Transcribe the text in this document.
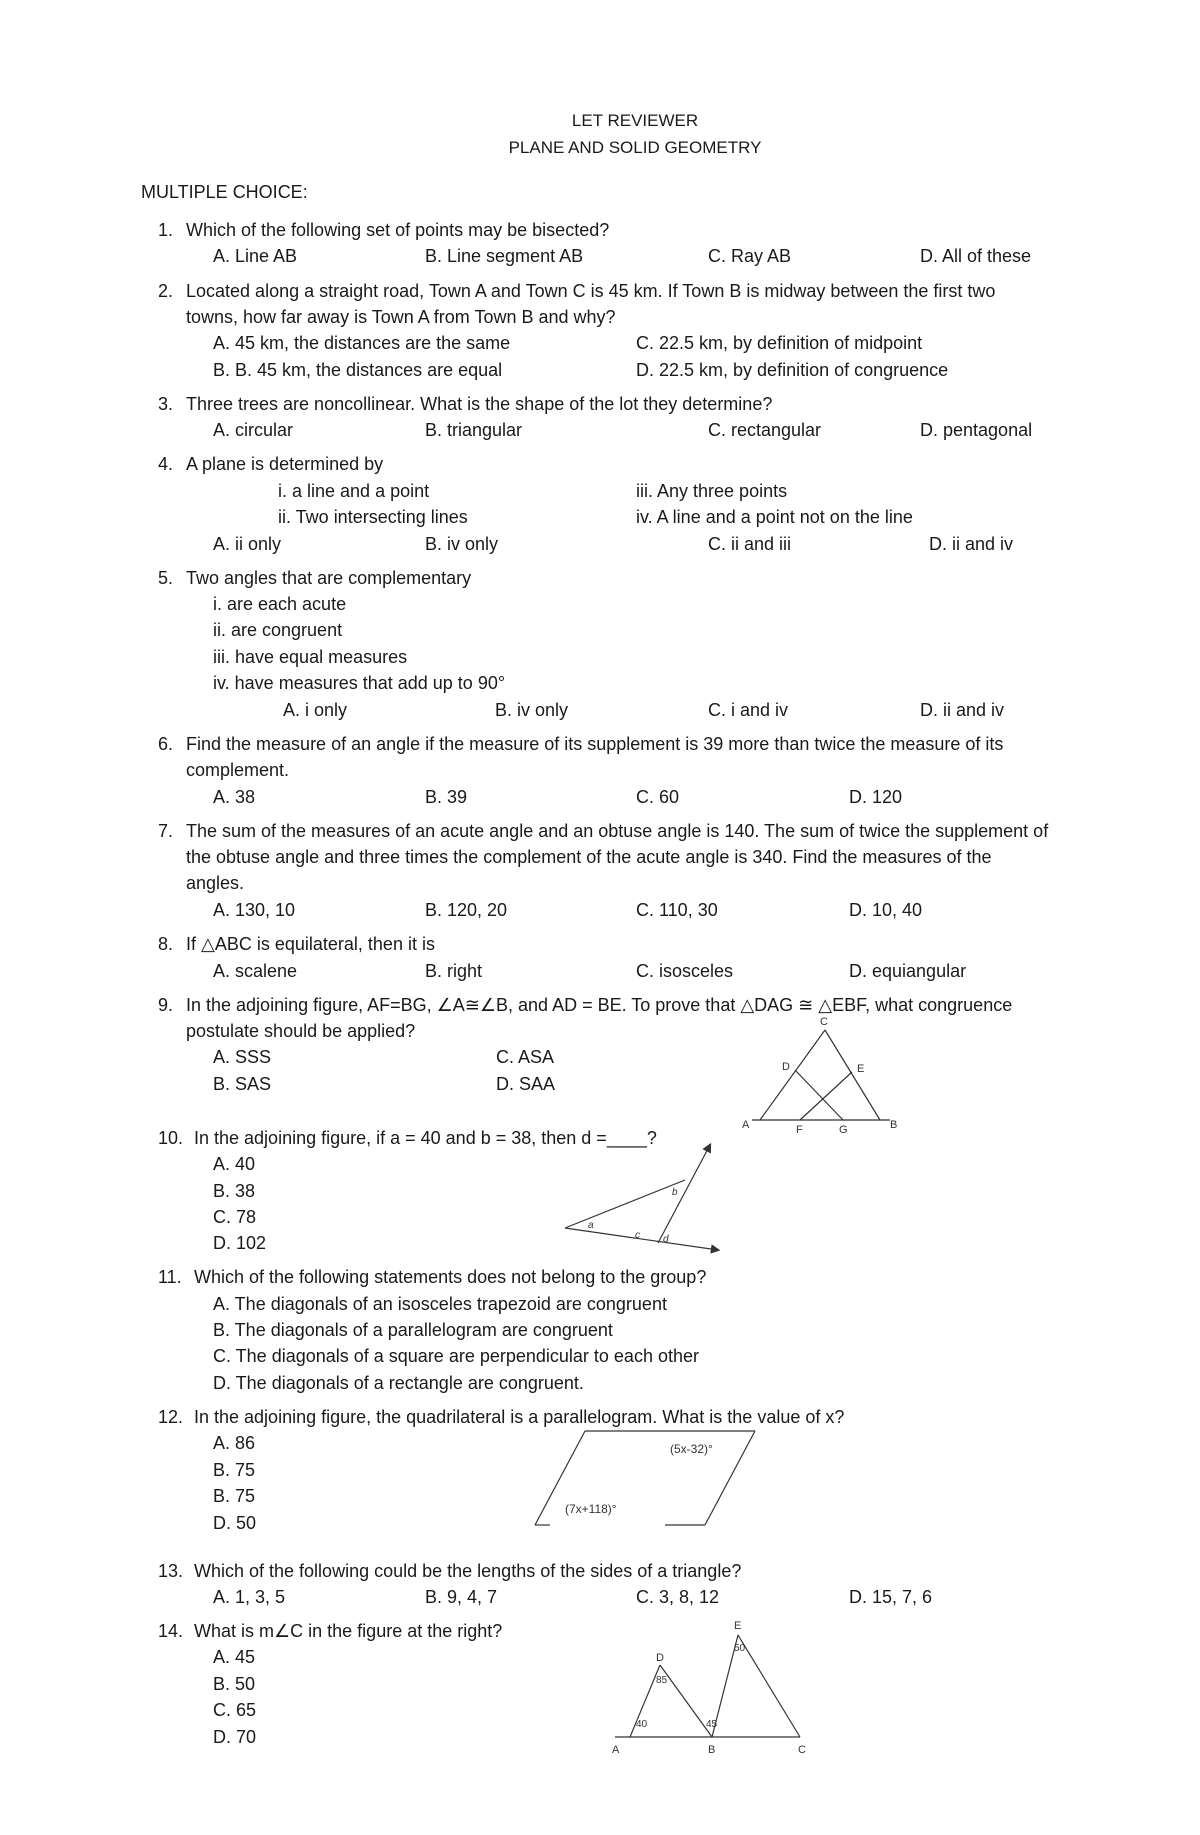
LET REVIEWER
PLANE AND SOLID GEOMETRY
MULTIPLE CHOICE:
1. Which of the following set of points may be bisected?
A. Line AB	B. Line segment AB	C. Ray AB	D. All of these
2. Located along a straight road, Town A and Town C is 45 km. If Town B is midway between the first two
towns, how far away is Town A from Town B and why?
A. 45 km, the distances are the same	C. 22.5 km, by definition of midpoint
B. B. 45 km, the distances are equal	D. 22.5 km, by definition of congruence
3. Three trees are noncollinear. What is the shape of the lot they determine?
A. circular	B. triangular	C. rectangular	D. pentagonal
4. A plane is determined by
i. a line and a point
ii. Two intersecting lines
iii. Any three points
iv. A line and a point not on the line
A. ii only	B. iv only	C. ii and iii	D. ii and iv
5. Two angles that are complementary
i. are each acute
ii. are congruent
iii. have equal measures
iv. have measures that add up to 90°
A. i only	B. iv only	C. i and iv	D. ii and iv
6. Find the measure of an angle if the measure of its supplement is 39 more than twice the measure of its
complement.
A. 38	B. 39	C. 60	D. 120
7. The sum of the measures of an acute angle and an obtuse angle is 140. The sum of twice the supplement of
the obtuse angle and three times the complement of the acute angle is 340. Find the measures of the
angles.
A. 130, 10	B. 120, 20	C. 110, 30	D. 10, 40
8. If △ABC is equilateral, then it is
A. scalene	B. right	C. isosceles	D. equiangular
9. In the adjoining figure, AF=BG, ∠A≅∠B, and AD = BE. To prove that △DAG ≅ △EBF, what congruence
postulate should be applied?
A. SSS	C. ASA
B. SAS	D. SAA
C
D	E
A	F	G	B
10. In the adjoining figure, if a = 40 and b = 38, then d =____?
A. 40
B. 38
C. 78
D. 102
a
b
c d
11. Which of the following statements does not belong to the group?
A. The diagonals of an isosceles trapezoid are congruent
B. The diagonals of a parallelogram are congruent
C. The diagonals of a square are perpendicular to each other
D. The diagonals of a rectangle are congruent.
12. In the adjoining figure, the quadrilateral is a parallelogram. What is the value of x?
A. 86
B. 75
B. 75
D. 50
(5x-32)°
(7x+118)°
13. Which of the following could be the lengths of the sides of a triangle?
A. 1, 3, 5	B. 9, 4, 7	C. 3, 8, 12	D. 15, 7, 6
14. What is m∠C in the figure at the right?
A. 45
B. 50
C. 65
D. 70
A	B	C
D
E
40
85
45
50
